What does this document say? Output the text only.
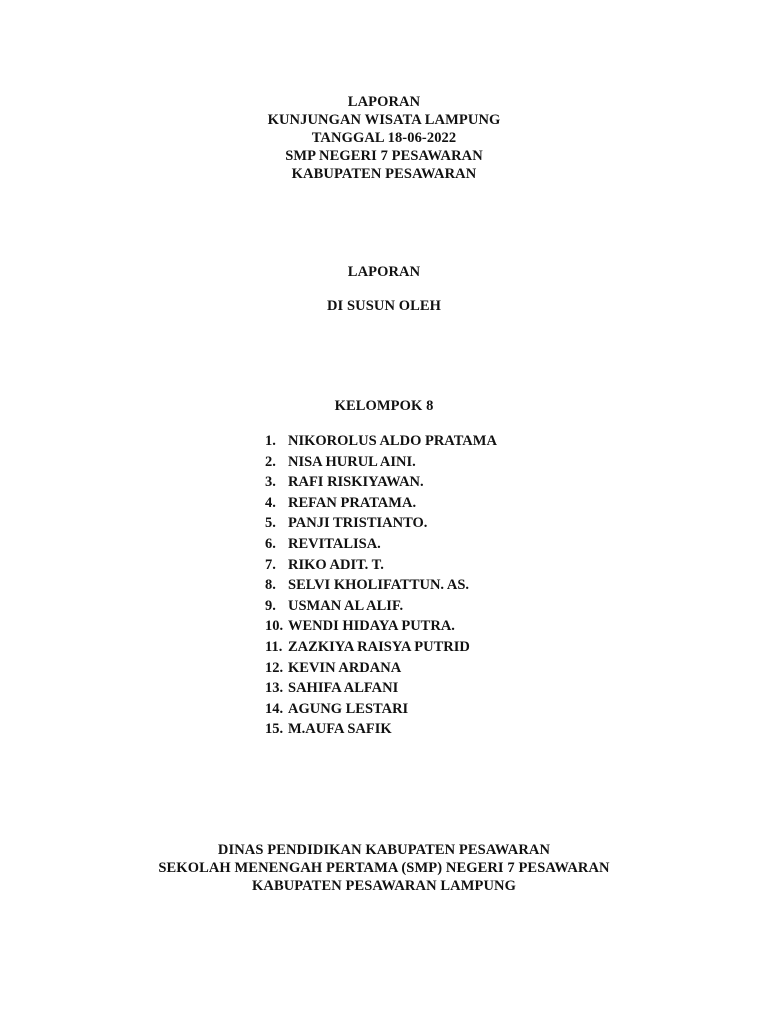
LAPORAN
KUNJUNGAN WISATA LAMPUNG
TANGGAL 18-06-2022
SMP NEGERI 7 PESAWARAN
KABUPATEN PESAWARAN
LAPORAN
DI SUSUN OLEH
KELOMPOK 8
1. NIKOROLUS ALDO PRATAMA
2. NISA HURUL AINI.
3. RAFI RISKIYAWAN.
4. REFAN PRATAMA.
5. PANJI TRISTIANTO.
6. REVITALISA.
7. RIKO ADIT. T.
8. SELVI KHOLIFATTUN. AS.
9. USMAN AL ALIF.
10. WENDI HIDAYA PUTRA.
11. ZAZKIYA RAISYA PUTRID
12. KEVIN ARDANA
13. SAHIFA ALFANI
14. AGUNG LESTARI
15. M.AUFA SAFIK
DINAS PENDIDIKAN KABUPATEN PESAWARAN
SEKOLAH MENENGAH PERTAMA (SMP) NEGERI 7 PESAWARAN
KABUPATEN PESAWARAN LAMPUNG
